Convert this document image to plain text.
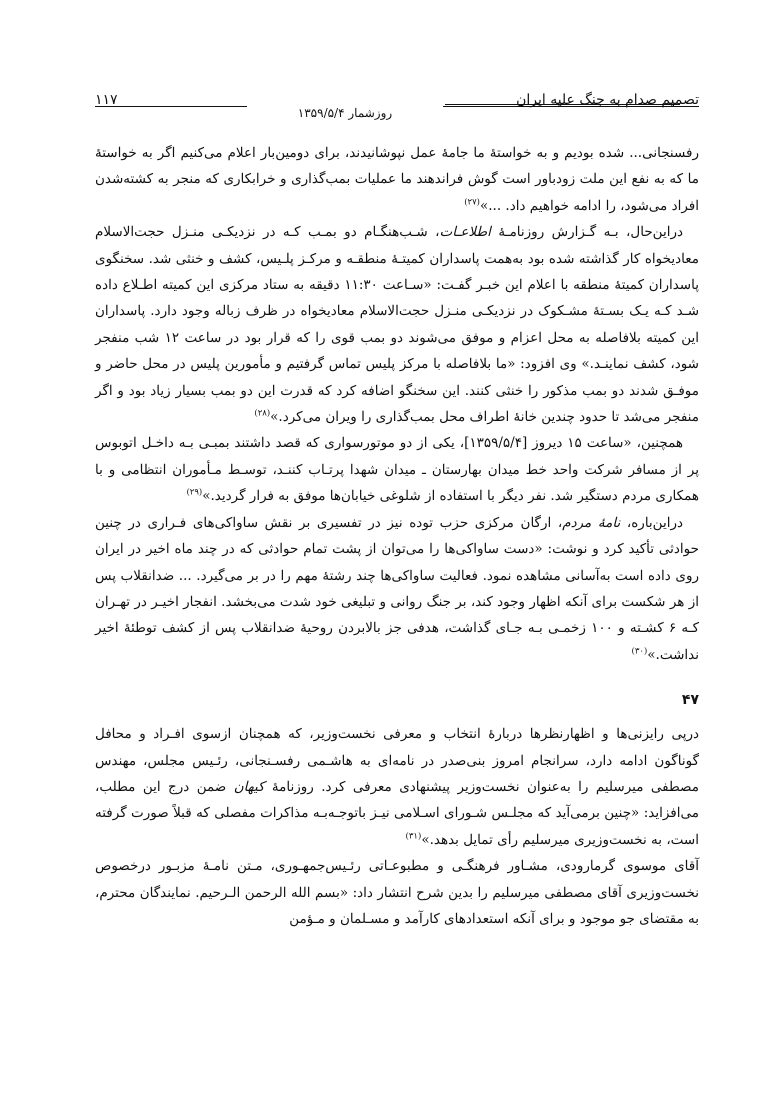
تصمیم صدام به جنگ علیه ایران
۱۱۷
روزشمار ۱۳۵۹/۵/۴

رفسنجانی... شده بودیم و به خواستهٔ ما جامهٔ عمل نپوشانیدند، برای دومین‌بار اعلام می‌کنیم اگر به خواستهٔ ما که به نفع این ملت زودباور است گوش فراندهند ما عملیات بمب‌گذاری و خرابکاری که منجر به کشته‌شدن افراد می‌شود، را ادامه خواهیم داد. ...»$^{(۲۷)}$

دراین‌حال، بـه گـزارش روزنامـهٔ اطلاعـات، شـب‌هنگـام دو بمـب کـه در نزدیکـی منـزل حجت‌الاسلام معادیخواه کار گذاشته شده بود به‌همت پاسداران کمیتـهٔ منطقـه و مرکـز پلـیس، کشف و خنثی شد. سخنگوی پاسداران کمیتهٔ منطقه با اعلام این خبـر گفـت: «سـاعت ۱۱:۳۰ دقیقه به ستاد مرکزی این کمیته اطـلاع داده شـد کـه یـک بسـتهٔ مشـکوک در نزدیکـی منـزل حجت‌الاسلام معادیخواه در ظرف زباله وجود دارد. پاسداران این کمیته بلافاصله به محل اعزام و موفق می‌شوند دو بمب قوی را که قرار بود در ساعت ۱۲ شب منفجر شود، کشف نماینـد.» وی افزود: «ما بلافاصله با مرکز پلیس تماس گرفتیم و مأمورین پلیس در محل حاضر و موفـق شدند دو بمب مذکور را خنثی کنند. این سخنگو اضافه کرد که قدرت این دو بمب بسیار زیاد بود و اگر منفجر می‌شد تا حدود چندین خانهٔ اطراف محل بمب‌گذاری را ویران می‌کرد.»$^{(۲۸)}$

همچنین، «ساعت ۱۵ دیروز [۱۳۵۹/۵/۴]، یکی از دو موتورسواری که قصد داشتند بمبـی بـه داخـل اتوبوس پر از مسافر شرکت واحد خط میدان بهارستان ـ میدان شهدا پرتـاب کننـد، توسـط مـأموران انتظامی و با همکاری مردم دستگیر شد. نفر دیگر با استفاده از شلوغی خیابان‌ها موفق به فرار گردید.»$^{(۲۹)}$

دراین‌باره، نامهٔ مردم، ارگان مرکزی حزب توده نیز در تفسیری بر نقش ساواکی‌های فـراری در چنین حوادثی تأکید کرد و نوشت: «دست ساواکی‌ها را می‌توان از پشت تمام حوادثی که در چند ماه اخیر در ایران روی داده است به‌آسانی مشاهده نمود. فعالیت ساواکی‌ها چند رشتهٔ مهم را در بر می‌گیرد. ... ضدانقلاب پس از هر شکست برای آنکه اظهار وجود کند، بر جنگ روانی و تبلیغی خود شدت می‌بخشد. انفجار اخیـر در تهـران کـه ۶ کشـته و ۱۰۰ زخمـی بـه جـای گذاشت، هدفی جز بالابردن روحیهٔ ضدانقلاب پس از کشف توطئهٔ اخیر نداشت.»$^{(۳۰)}$

۴۷

درپی رایزنی‌ها و اظهارنظرها دربارهٔ انتخاب و معرفی نخست‌وزیر، که همچنان ازسوی افـراد و محافل گوناگون ادامه دارد، سرانجام امروز بنی‌صدر در نامه‌ای به هاشـمی رفسـنجانی، رئـیس مجلس، مهندس مصطفی میرسلیم را به‌عنوان نخست‌وزیر پیشنهادی معرفی کرد. روزنامهٔ کیهان ضمن درج این مطلب، می‌افزاید: «چنین برمی‌آید که مجلـس شـورای اسـلامی نیـز باتوجـه‌بـه مذاکرات مفصلی که قبلاً صورت گرفته است، به نخست‌وزیری میرسلیم رأی تمایل بدهد.»$^{(۳۱)}$

آقای موسوی گرمارودی، مشـاور فرهنگـی و مطبوعـاتی رئـیس‌جمهـوری، مـتن نامـهٔ مزبـور درخصوص نخست‌وزیری آقای مصطفی میرسلیم را بدین شرح انتشار داد: «بسم الله الرحمن الـرحیم. نمایندگان محترم، به مقتضای جو موجود و برای آنکه استعدادهای کارآمد و مسـلمان و مـؤمن
